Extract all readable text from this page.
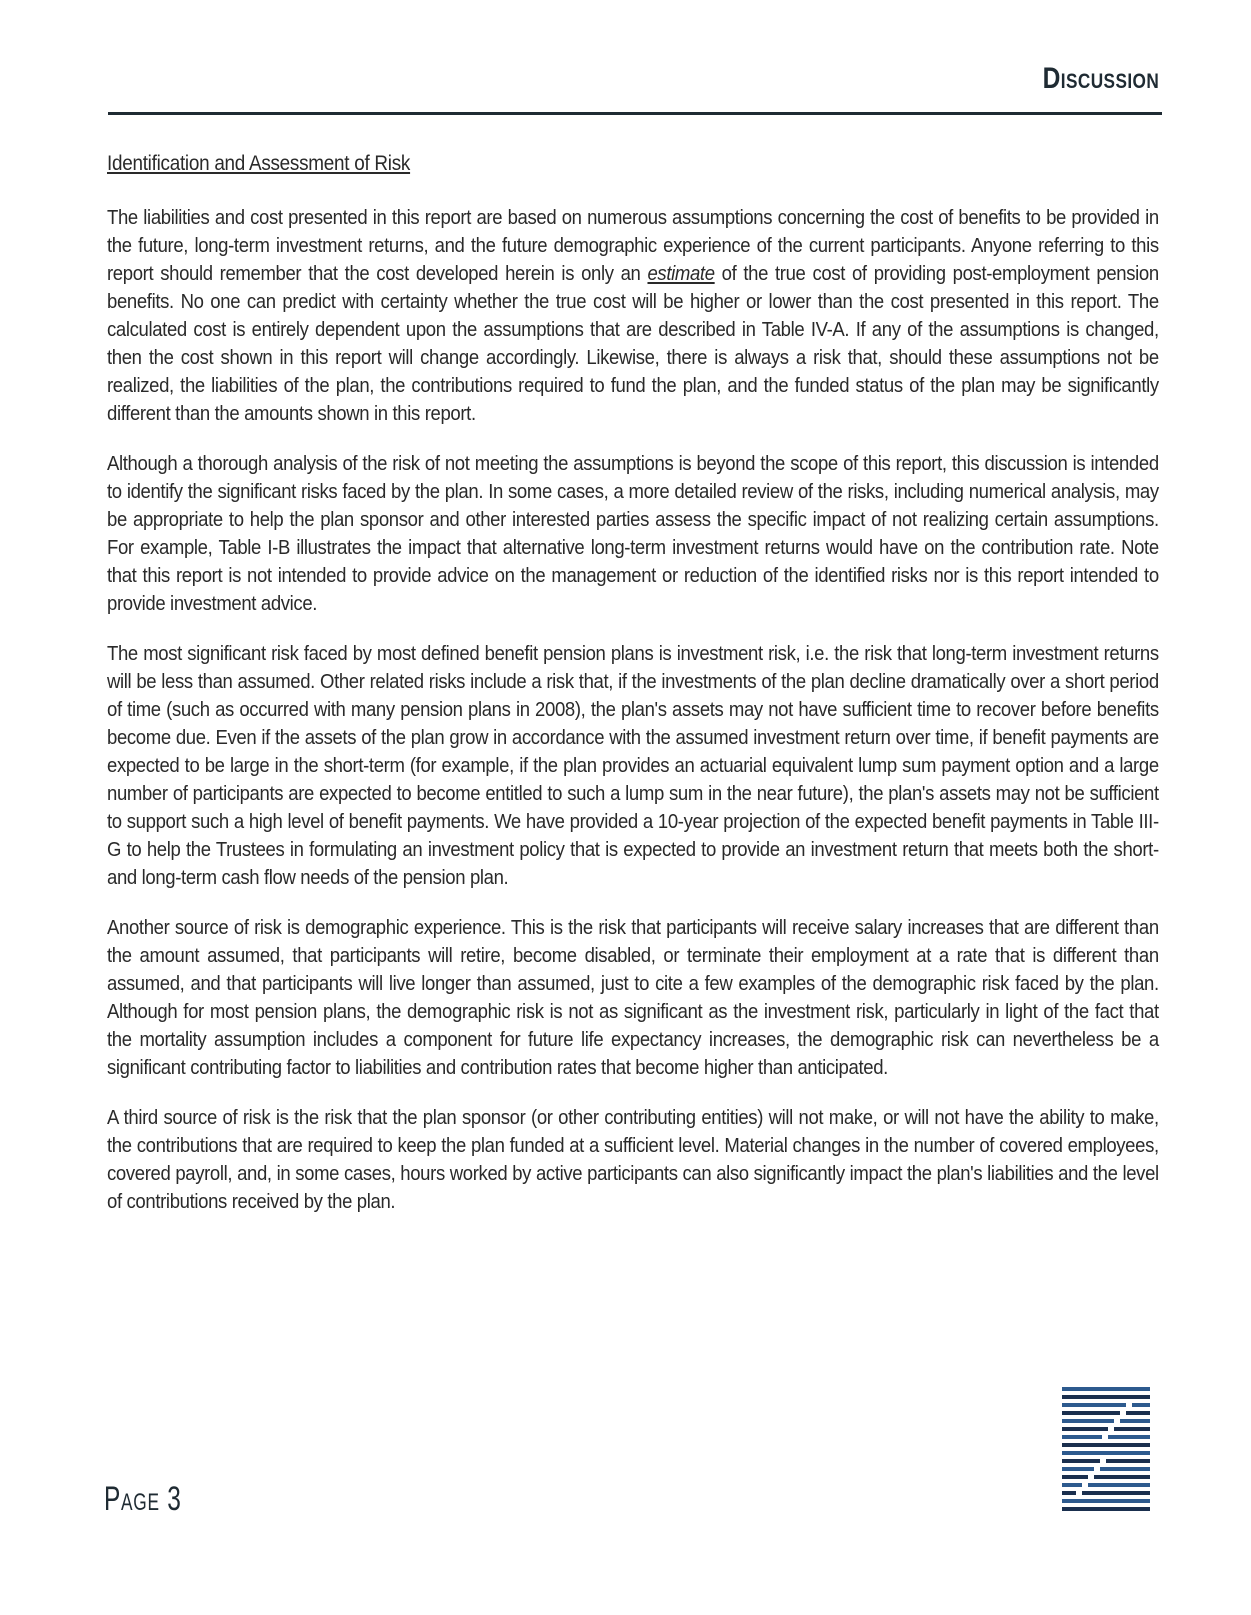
Discussion
Identification and Assessment of Risk

The liabilities and cost presented in this report are based on numerous assumptions concerning the cost of benefits to be provided in the future, long-term investment returns, and the future demographic experience of the current participants. Anyone referring to this report should remember that the cost developed herein is only an estimate of the true cost of providing post-employment pension benefits. No one can predict with certainty whether the true cost will be higher or lower than the cost presented in this report. The calculated cost is entirely dependent upon the assumptions that are described in Table IV-A. If any of the assumptions is changed, then the cost shown in this report will change accordingly. Likewise, there is always a risk that, should these assumptions not be realized, the liabilities of the plan, the contributions required to fund the plan, and the funded status of the plan may be significantly different than the amounts shown in this report.

Although a thorough analysis of the risk of not meeting the assumptions is beyond the scope of this report, this discussion is intended to identify the significant risks faced by the plan. In some cases, a more detailed review of the risks, including numerical analysis, may be appropriate to help the plan sponsor and other interested parties assess the specific impact of not realizing certain assumptions. For example, Table I-B illustrates the impact that alternative long-term investment returns would have on the contribution rate. Note that this report is not intended to provide advice on the management or reduction of the identified risks nor is this report intended to provide investment advice.

The most significant risk faced by most defined benefit pension plans is investment risk, i.e. the risk that long-term investment returns will be less than assumed. Other related risks include a risk that, if the investments of the plan decline dramatically over a short period of time (such as occurred with many pension plans in 2008), the plan's assets may not have sufficient time to recover before benefits become due. Even if the assets of the plan grow in accordance with the assumed investment return over time, if benefit payments are expected to be large in the short-term (for example, if the plan provides an actuarial equivalent lump sum payment option and a large number of participants are expected to become entitled to such a lump sum in the near future), the plan's assets may not be sufficient to support such a high level of benefit payments. We have provided a 10-year projection of the expected benefit payments in Table III-G to help the Trustees in formulating an investment policy that is expected to provide an investment return that meets both the short- and long-term cash flow needs of the pension plan.

Another source of risk is demographic experience. This is the risk that participants will receive salary increases that are different than the amount assumed, that participants will retire, become disabled, or terminate their employment at a rate that is different than assumed, and that participants will live longer than assumed, just to cite a few examples of the demographic risk faced by the plan. Although for most pension plans, the demographic risk is not as significant as the investment risk, particularly in light of the fact that the mortality assumption includes a component for future life expectancy increases, the demographic risk can nevertheless be a significant contributing factor to liabilities and contribution rates that become higher than anticipated.

A third source of risk is the risk that the plan sponsor (or other contributing entities) will not make, or will not have the ability to make, the contributions that are required to keep the plan funded at a sufficient level. Material changes in the number of covered employees, covered payroll, and, in some cases, hours worked by active participants can also significantly impact the plan's liabilities and the level of contributions received by the plan.

Page 3
